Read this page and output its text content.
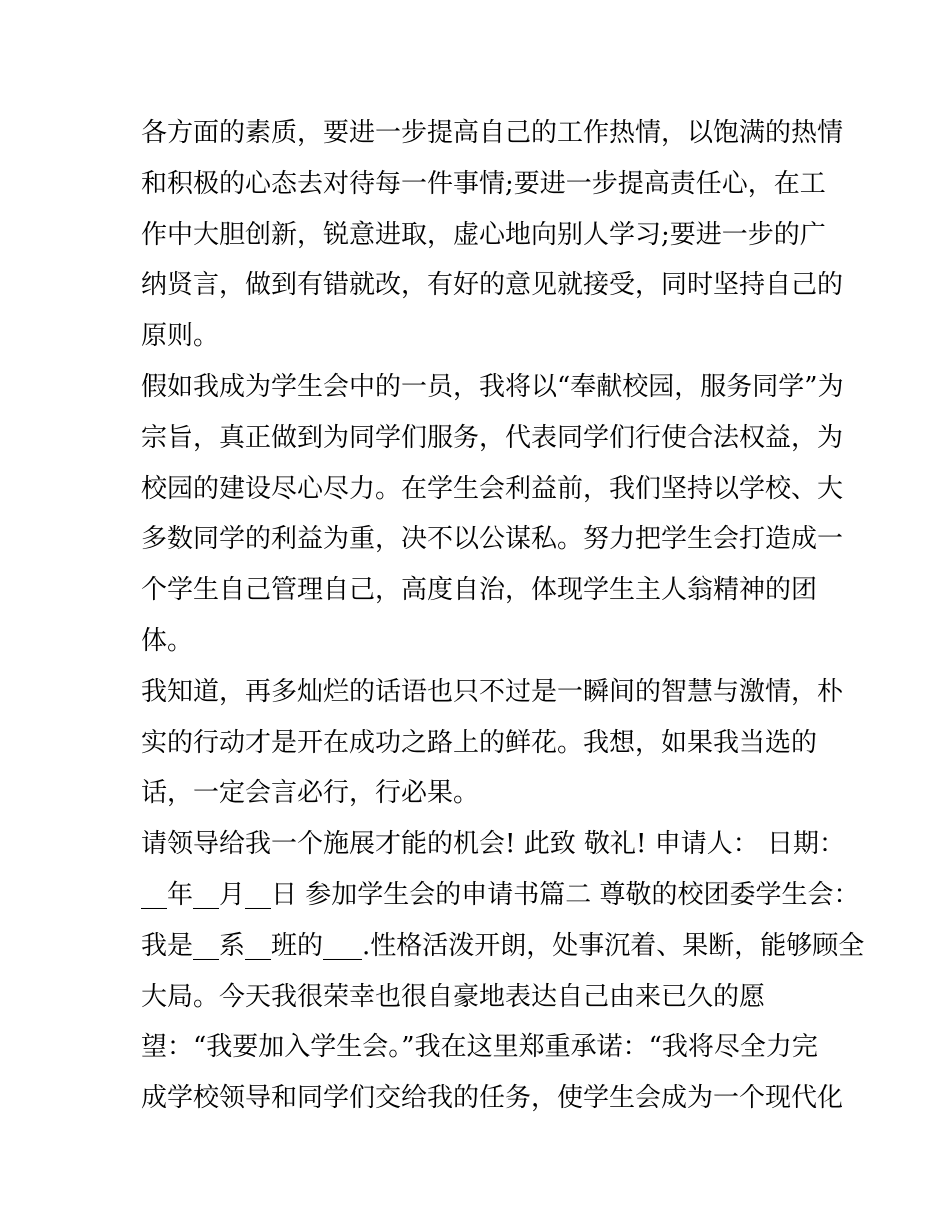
各方面的素质，要进一步提高自己的工作热情，以饱满的热情
和积极的心态去对待每一件事情;要进一步提高责任心，在工
作中大胆创新，锐意进取，虚心地向别人学习;要进一步的广
纳贤言，做到有错就改，有好的意见就接受，同时坚持自己的
原则。
假如我成为学生会中的一员，我将以“奉献校园，服务同学”为
宗旨，真正做到为同学们服务，代表同学们行使合法权益，为
校园的建设尽心尽力。在学生会利益前，我们坚持以学校、大
多数同学的利益为重，决不以公谋私。努力把学生会打造成一
个学生自己管理自己，高度自治，体现学生主人翁精神的团
体。
我知道，再多灿烂的话语也只不过是一瞬间的智慧与激情，朴
实的行动才是开在成功之路上的鲜花。我想，如果我当选的
话，一定会言必行，行必果。
请领导给我一个施展才能的机会! 此致 敬礼! 申请人： 日期：
__年__月__日 参加学生会的申请书篇二 尊敬的校团委学生会：
我是__系__班的___.性格活泼开朗，处事沉着、果断，能够顾全
大局。今天我很荣幸也很自豪地表达自己由来已久的愿
望：“我要加入学生会。”我在这里郑重承诺：“我将尽全力完
成学校领导和同学们交给我的任务，使学生会成为一个现代化
